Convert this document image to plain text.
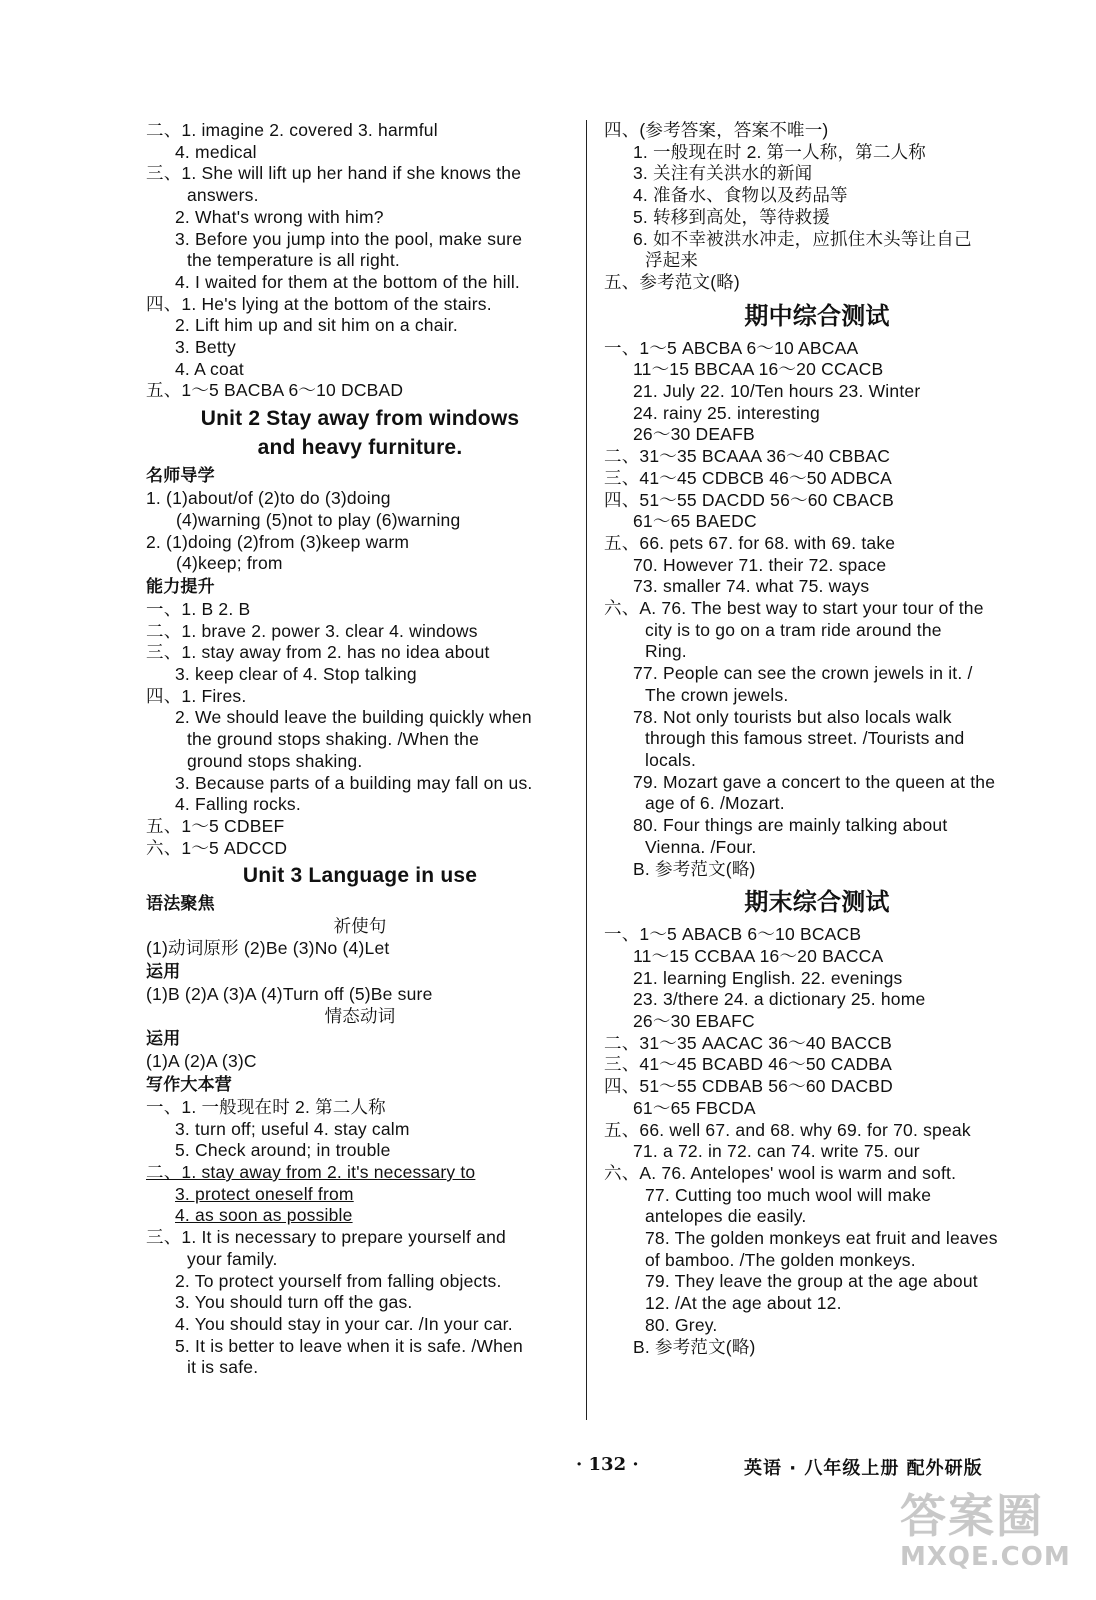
二、1. imagine 2. covered 3. harmful
4. medical
三、1. She will lift up her hand if she knows the
answers.
2. What's wrong with him?
3. Before you jump into the pool, make sure
the temperature is all right.
4. I waited for them at the bottom of the hill.
四、1. He's lying at the bottom of the stairs.
2. Lift him up and sit him on a chair.
3. Betty
4. A coat
五、1～5 BACBA 6～10 DCBAD
Unit 2 Stay away from windows
and heavy furniture.
名师导学
1. (1)about/of (2)to do (3)doing
(4)warning (5)not to play (6)warning
2. (1)doing (2)from (3)keep warm
(4)keep; from
能力提升
一、1. B 2. B
二、1. brave 2. power 3. clear 4. windows
三、1. stay away from 2. has no idea about
3. keep clear of 4. Stop talking
四、1. Fires.
2. We should leave the building quickly when
the ground stops shaking. /When the
ground stops shaking.
3. Because parts of a building may fall on us.
4. Falling rocks.
五、1～5 CDBEF
六、1～5 ADCCD
Unit 3 Language in use
语法聚焦
祈使句
(1)动词原形 (2)Be (3)No (4)Let
运用
(1)B (2)A (3)A (4)Turn off (5)Be sure
情态动词
运用
(1)A (2)A (3)C
写作大本营
一、1. 一般现在时 2. 第二人称
3. turn off; useful 4. stay calm
5. Check around; in trouble
二、1. stay away from 2. it's necessary to
3. protect oneself from
4. as soon as possible
三、1. It is necessary to prepare yourself and
your family.
2. To protect yourself from falling objects.
3. You should turn off the gas.
4. You should stay in your car. /In your car.
5. It is better to leave when it is safe. /When
it is safe.
四、(参考答案，答案不唯一)
1. 一般现在时 2. 第一人称，第二人称
3. 关注有关洪水的新闻
4. 准备水、食物以及药品等
5. 转移到高处，等待救援
6. 如不幸被洪水冲走，应抓住木头等让自己
浮起来
五、参考范文(略)
期中综合测试
一、1～5 ABCBA 6～10 ABCAA
11～15 BBCAA 16～20 CCACB
21. July 22. 10/Ten hours 23. Winter
24. rainy 25. interesting
26～30 DEAFB
二、31～35 BCAAA 36～40 CBBAC
三、41～45 CDBCB 46～50 ADBCA
四、51～55 DACDD 56～60 CBACB
61～65 BAEDC
五、66. pets 67. for 68. with 69. take
70. However 71. their 72. space
73. smaller 74. what 75. ways
六、A. 76. The best way to start your tour of the
city is to go on a tram ride around the
Ring.
77. People can see the crown jewels in it. /
The crown jewels.
78. Not only tourists but also locals walk
through this famous street. /Tourists and
locals.
79. Mozart gave a concert to the queen at the
age of 6. /Mozart.
80. Four things are mainly talking about
Vienna. /Four.
B. 参考范文(略)
期末综合测试
一、1～5 ABACB 6～10 BCACB
11～15 CCBAA 16～20 BACCA
21. learning English. 22. evenings
23. 3/there 24. a dictionary 25. home
26～30 EBAFC
二、31～35 AACAC 36～40 BACCB
三、41～45 BCABD 46～50 CADBA
四、51～55 CDBAB 56～60 DACBD
61～65 FBCDA
五、66. well 67. and 68. why 69. for 70. speak
71. a 72. in 72. can 74. write 75. our
六、A. 76. Antelopes' wool is warm and soft.
77. Cutting too much wool will make
antelopes die easily.
78. The golden monkeys eat fruit and leaves
of bamboo. /The golden monkeys.
79. They leave the group at the age about
12. /At the age about 12.
80. Grey.
B. 参考范文(略)
· 132 ·	英语 · 八年级上册 配外研版
答案圈
MXQE.COM
